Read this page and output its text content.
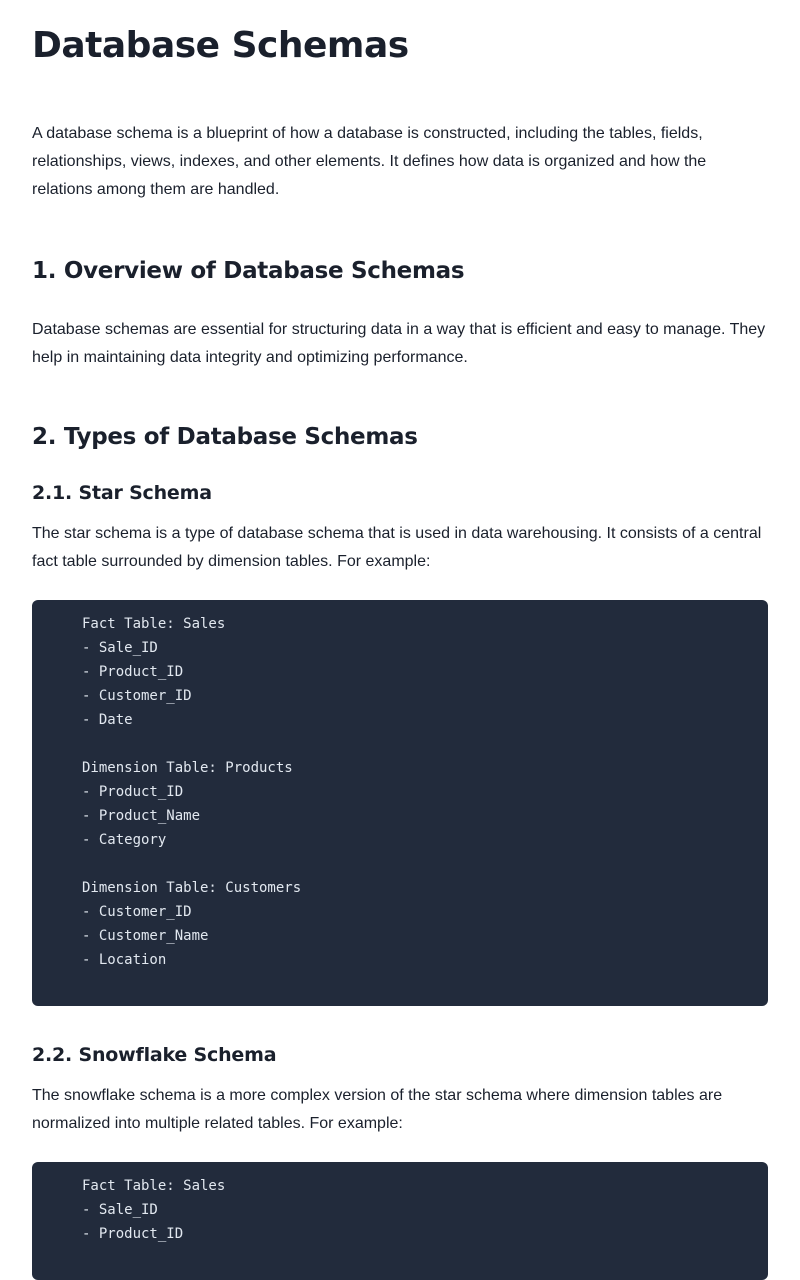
Database Schemas

A database schema is a blueprint of how a database is constructed, including the tables, fields, relationships, views, indexes, and other elements. It defines how data is organized and how the relations among them are handled.

1. Overview of Database Schemas

Database schemas are essential for structuring data in a way that is efficient and easy to manage. They help in maintaining data integrity and optimizing performance.

2. Types of Database Schemas
2.1. Star Schema

The star schema is a type of database schema that is used in data warehousing. It consists of a central fact table surrounded by dimension tables. For example:

Fact Table: Sales
- Sale_ID
- Product_ID
- Customer_ID
- Date

Dimension Table: Products
- Product_ID
- Product_Name
- Category

Dimension Table: Customers
- Customer_ID
- Customer_Name
- Location
2.2. Snowflake Schema

The snowflake schema is a more complex version of the star schema where dimension tables are normalized into multiple related tables. For example:

Fact Table: Sales
- Sale_ID
- Product_ID
